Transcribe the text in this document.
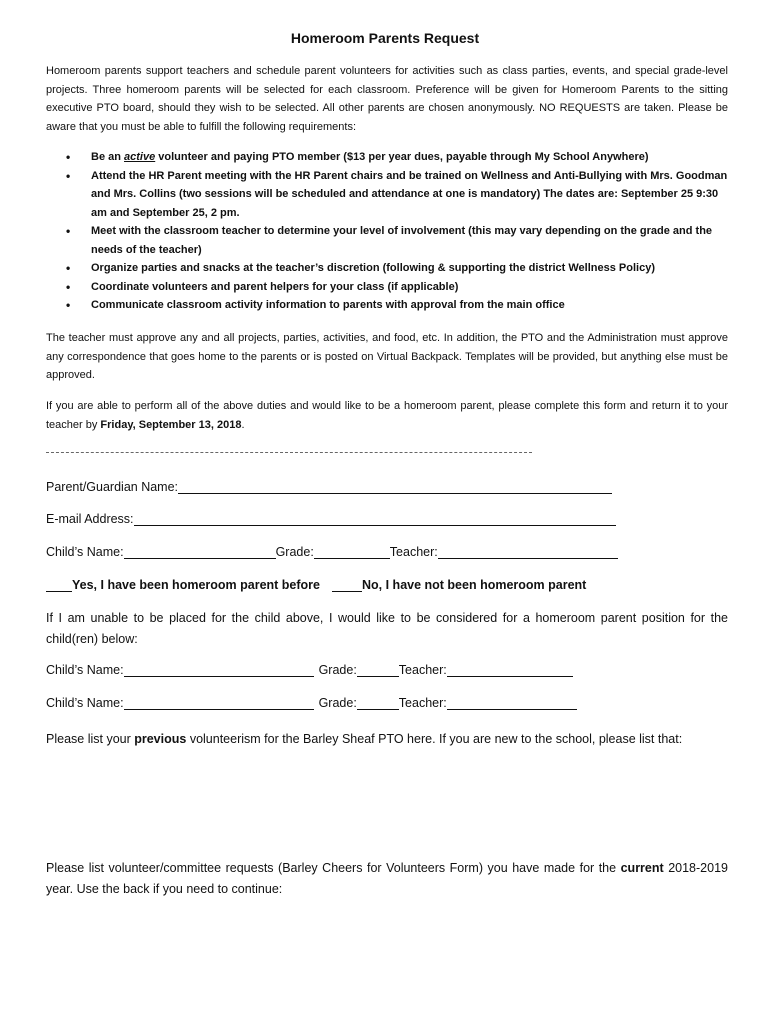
Homeroom Parents Request
Homeroom parents support teachers and schedule parent volunteers for activities such as class parties, events, and special grade-level projects. Three homeroom parents will be selected for each classroom. Preference will be given for Homeroom Parents to the sitting executive PTO board, should they wish to be selected. All other parents are chosen anonymously. NO REQUESTS are taken. Please be aware that you must be able to fulfill the following requirements:
• Be an active volunteer and paying PTO member ($13 per year dues, payable through My School Anywhere)
• Attend the HR Parent meeting with the HR Parent chairs and be trained on Wellness and Anti-Bullying with Mrs. Goodman and Mrs. Collins (two sessions will be scheduled and attendance at one is mandatory) The dates are: September 25 9:30 am and September 25, 2 pm.
• Meet with the classroom teacher to determine your level of involvement (this may vary depending on the grade and the needs of the teacher)
• Organize parties and snacks at the teacher’s discretion (following & supporting the district Wellness Policy)
• Coordinate volunteers and parent helpers for your class (if applicable)
• Communicate classroom activity information to parents with approval from the main office
The teacher must approve any and all projects, parties, activities, and food, etc. In addition, the PTO and the Administration must approve any correspondence that goes home to the parents or is posted on Virtual Backpack. Templates will be provided, but anything else must be approved.
If you are able to perform all of the above duties and would like to be a homeroom parent, please complete this form and return it to your teacher by Friday, September 13, 2018.
Parent/Guardian Name:
E-mail Address:
Child’s Name:	Grade:	Teacher:
Yes, I have been homeroom parent before	No, I have not been homeroom parent
If I am unable to be placed for the child above, I would like to be considered for a homeroom parent position for the child(ren) below:
Child’s Name:	Grade:	Teacher:
Child’s Name:	Grade:	Teacher:
Please list your previous volunteerism for the Barley Sheaf PTO here. If you are new to the school, please list that:
Please list volunteer/committee requests (Barley Cheers for Volunteers Form) you have made for the current 2018-2019 year. Use the back if you need to continue:
